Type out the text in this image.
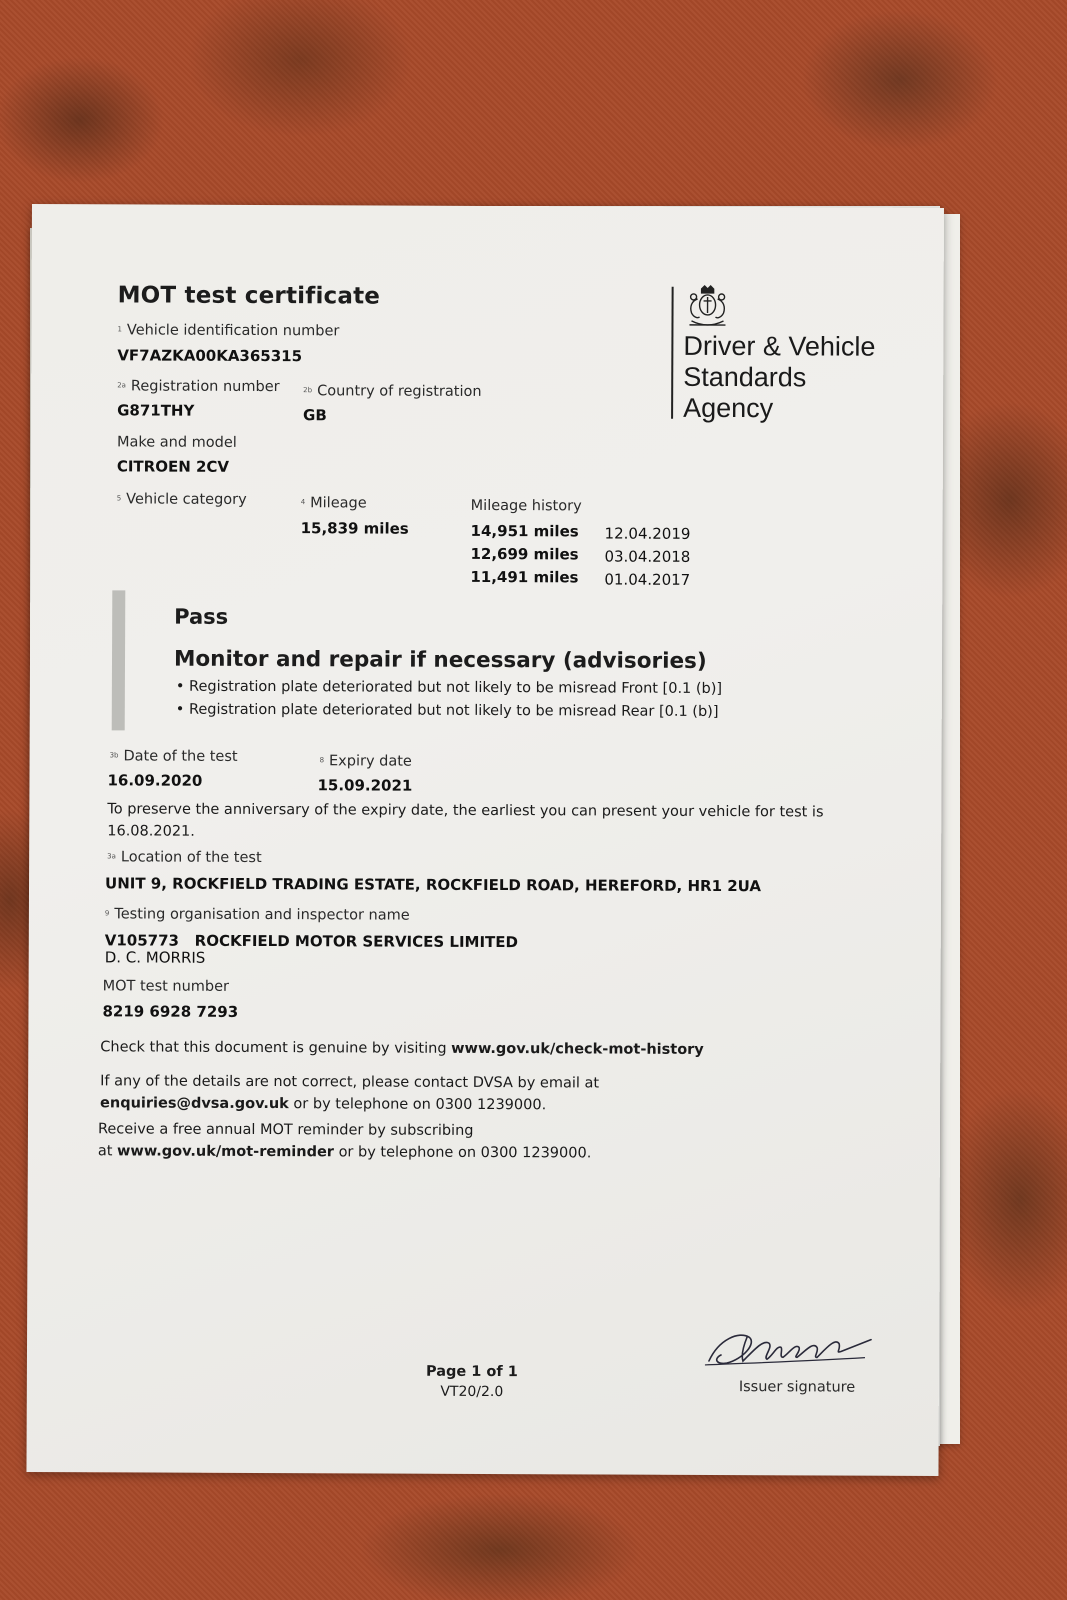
MOT test certificate
Driver & Vehicle
Standards
Agency
$^1$ Vehicle identification number
VF7AZKA00KA365315
$^{2a}$ Registration number
G871THY
$^{2b}$ Country of registration
GB
Make and model
CITROEN 2CV
$^5$ Vehicle category	$^4$ Mileage
15,839 miles
Mileage history
14,951 miles 12.04.2019
12,699 miles 03.04.2018
11,491 miles 01.04.2017
Pass
Monitor and repair if necessary (advisories)
• Registration plate deteriorated but not likely to be misread Front [0.1 (b)]
• Registration plate deteriorated but not likely to be misread Rear [0.1 (b)]
$^{3b}$ Date of the test
16.09.2020
$^8$ Expiry date
15.09.2021
To preserve the anniversary of the expiry date, the earliest you can present your vehicle for test is
16.08.2021.
$^{3a}$ Location of the test
UNIT 9, ROCKFIELD TRADING ESTATE, ROCKFIELD ROAD, HEREFORD, HR1 2UA
$^9$ Testing organisation and inspector name
V105773 ROCKFIELD MOTOR SERVICES LIMITED
D. C. MORRIS
MOT test number
8219 6928 7293
Check that this document is genuine by visiting www.gov.uk/check-mot-history
If any of the details are not correct, please contact DVSA by email at
enquiries@dvsa.gov.uk or by telephone on 0300 1239000.
Receive a free annual MOT reminder by subscribing
at www.gov.uk/mot-reminder or by telephone on 0300 1239000.
Page 1 of 1
VT20/2.0	Issuer signature
